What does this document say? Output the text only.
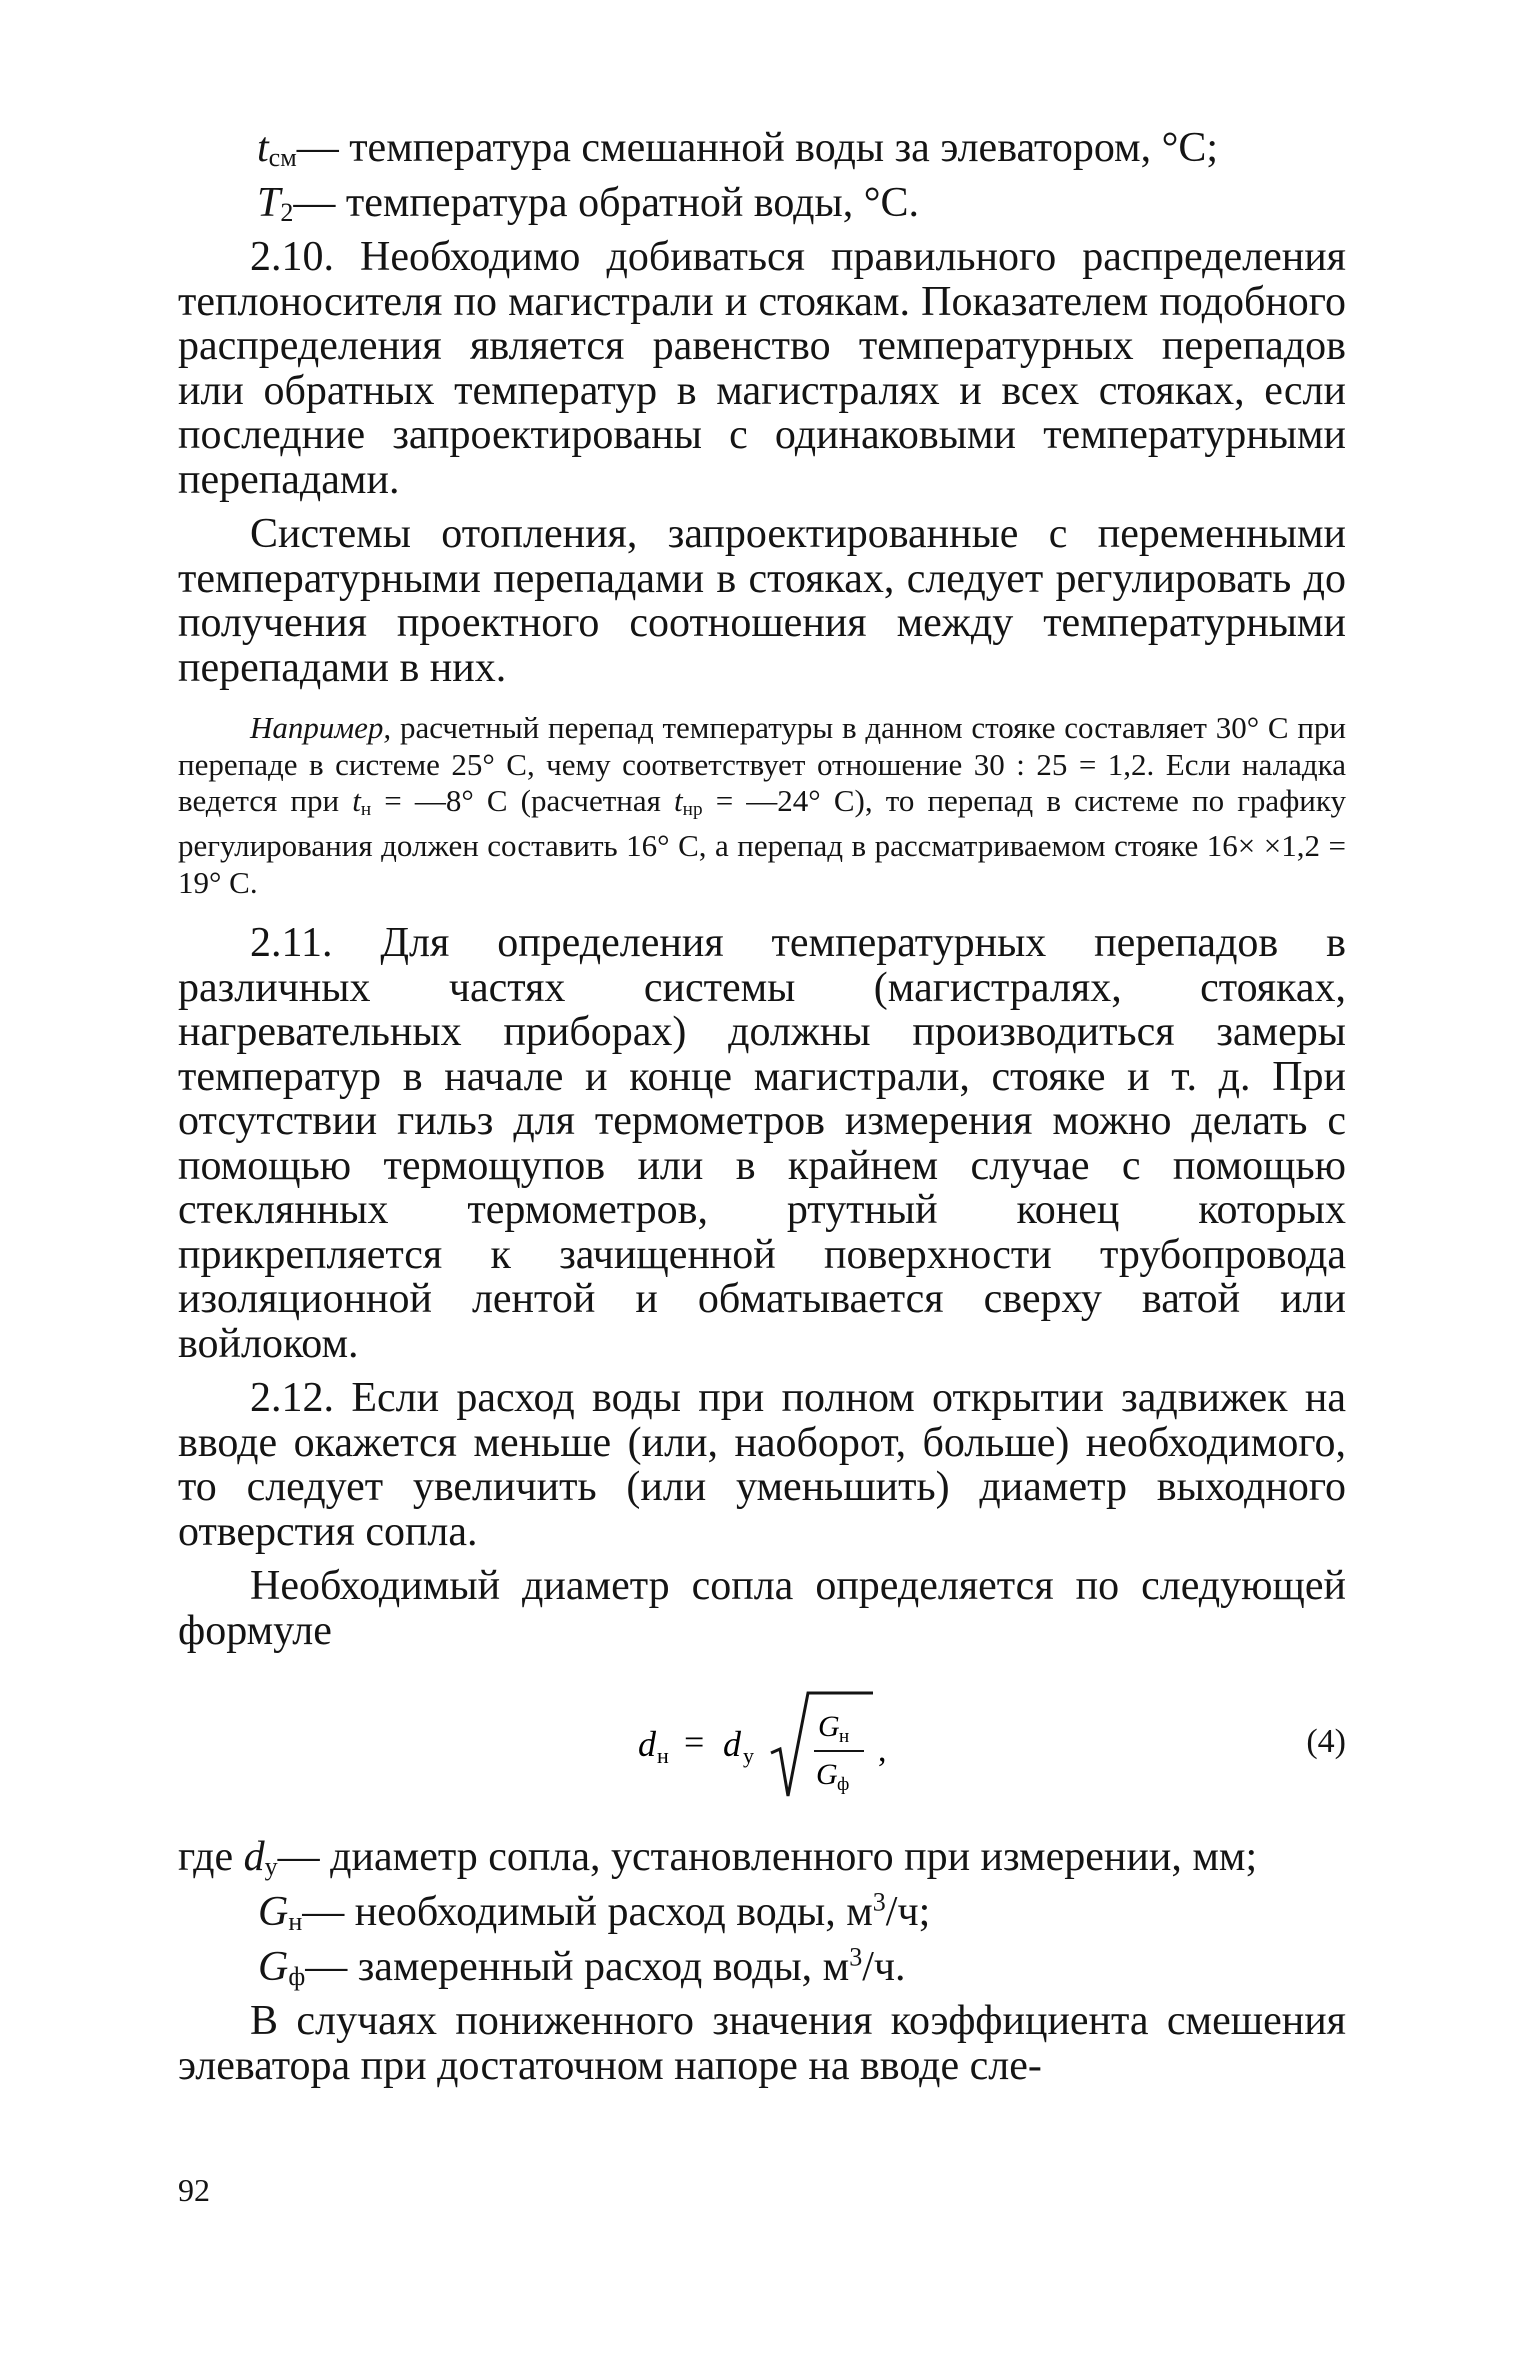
$t_{см}—$ температура смешанной воды за элеватором, °С;

$T_2—$ температура обратной воды, °С.

2.10. Необходимо добиваться правильного распределения теплоносителя по магистрали и стоякам. Показателем подобного распределения является равенство температурных перепадов или обратных температур в магистралях и всех стояках, если последние запроектированы с одинаковыми температурными перепадами.

Системы отопления, запроектированные с переменными температурными перепадами в стояках, следует регулировать до получения проектного соотношения между температурными перепадами в них.

Например, расчетный перепад температуры в данном стояке составляет 30° С при перепаде в системе 25° С, чему соответствует отношение 30 : 25 = 1,2. Если наладка ведется при $t_н$ = —8° С (расчетная $t_{нр}$ = —24° С), то перепад в системе по графику регулирования должен составить 16° С, а перепад в рассматриваемом стояке 16× ×1,2 = 19° С.

2.11. Для определения температурных перепадов в различных частях системы (магистралях, стояках, нагревательных приборах) должны производиться замеры температур в начале и конце магистрали, стояке и т. д. При отсутствии гильз для термометров измерения можно делать с помощью термощупов или в крайнем случае с помощью стеклянных термометров, ртутный конец которых прикрепляется к зачищенной поверхности трубопровода изоляционной лентой и обматывается сверху ватой или войлоком.

2.12. Если расход воды при полном открытии задвижек на вводе окажется меньше (или, наоборот, больше) необходимого, то следует увеличить (или уменьшить) диаметр выходного отверстия сопла.

Необходимый диаметр сопла определяется по следующей формуле

d н = d у
G н
G ф
,	(4)

где $d_у—$ диаметр сопла, установленного при измерении, мм;

$G_н—$ необходимый расход воды, $м^3/ч$;

$G_ф—$ замеренный расход воды, $м^3/ч$.

В случаях пониженного значения коэффициента смешения элеватора при достаточном напоре на вводе сле-

92
